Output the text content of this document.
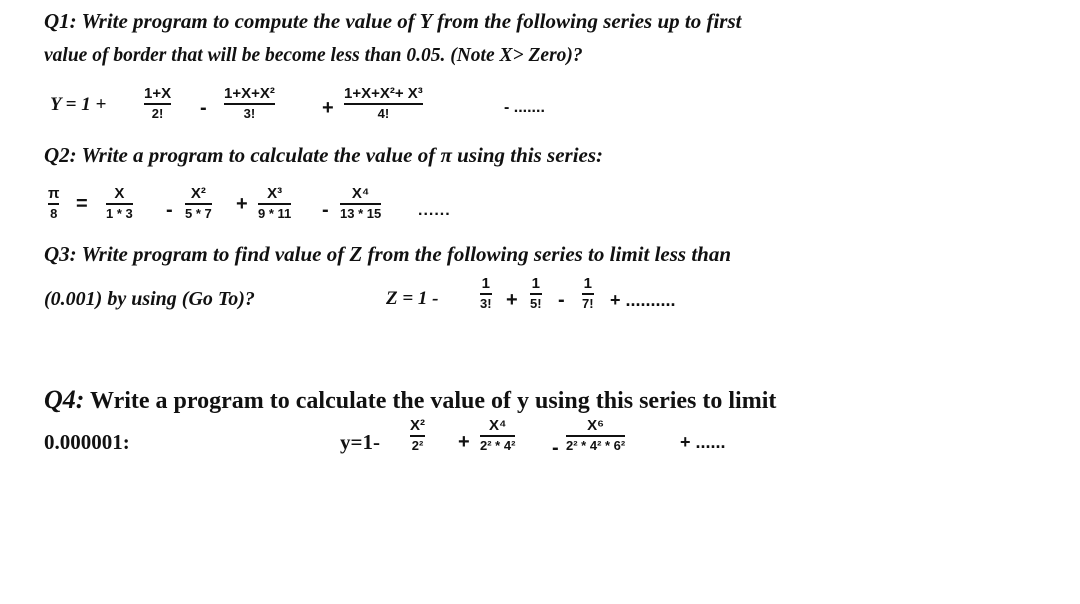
Q1: Write program to compute the value of Y from the following series up to first
value of border that will be become less than 0.05. (Note X> Zero)?
Y = 1 +
1+X
2! -
1+X+X²
3!	+
1+X+X²+ X³
4!	- .......
Q2: Write a program to calculate the value of π using this series:
π
8 = X
1 * 3 -
X²
5 * 7 + X³
9 * 11 -
X⁴
13 * 15 ......
Q3: Write program to find value of Z from the following series to limit less than
(0.001) by using (Go To)?	Z = 1 -
1
3! +
1
5! -
1
7! + ..........
Q4: Write a program to calculate the value of y using this series to limit
0.000001:	y=1-
X²
2² +
X⁴
2² * 4² -
X⁶
2² * 4² * 6²	+ ......
